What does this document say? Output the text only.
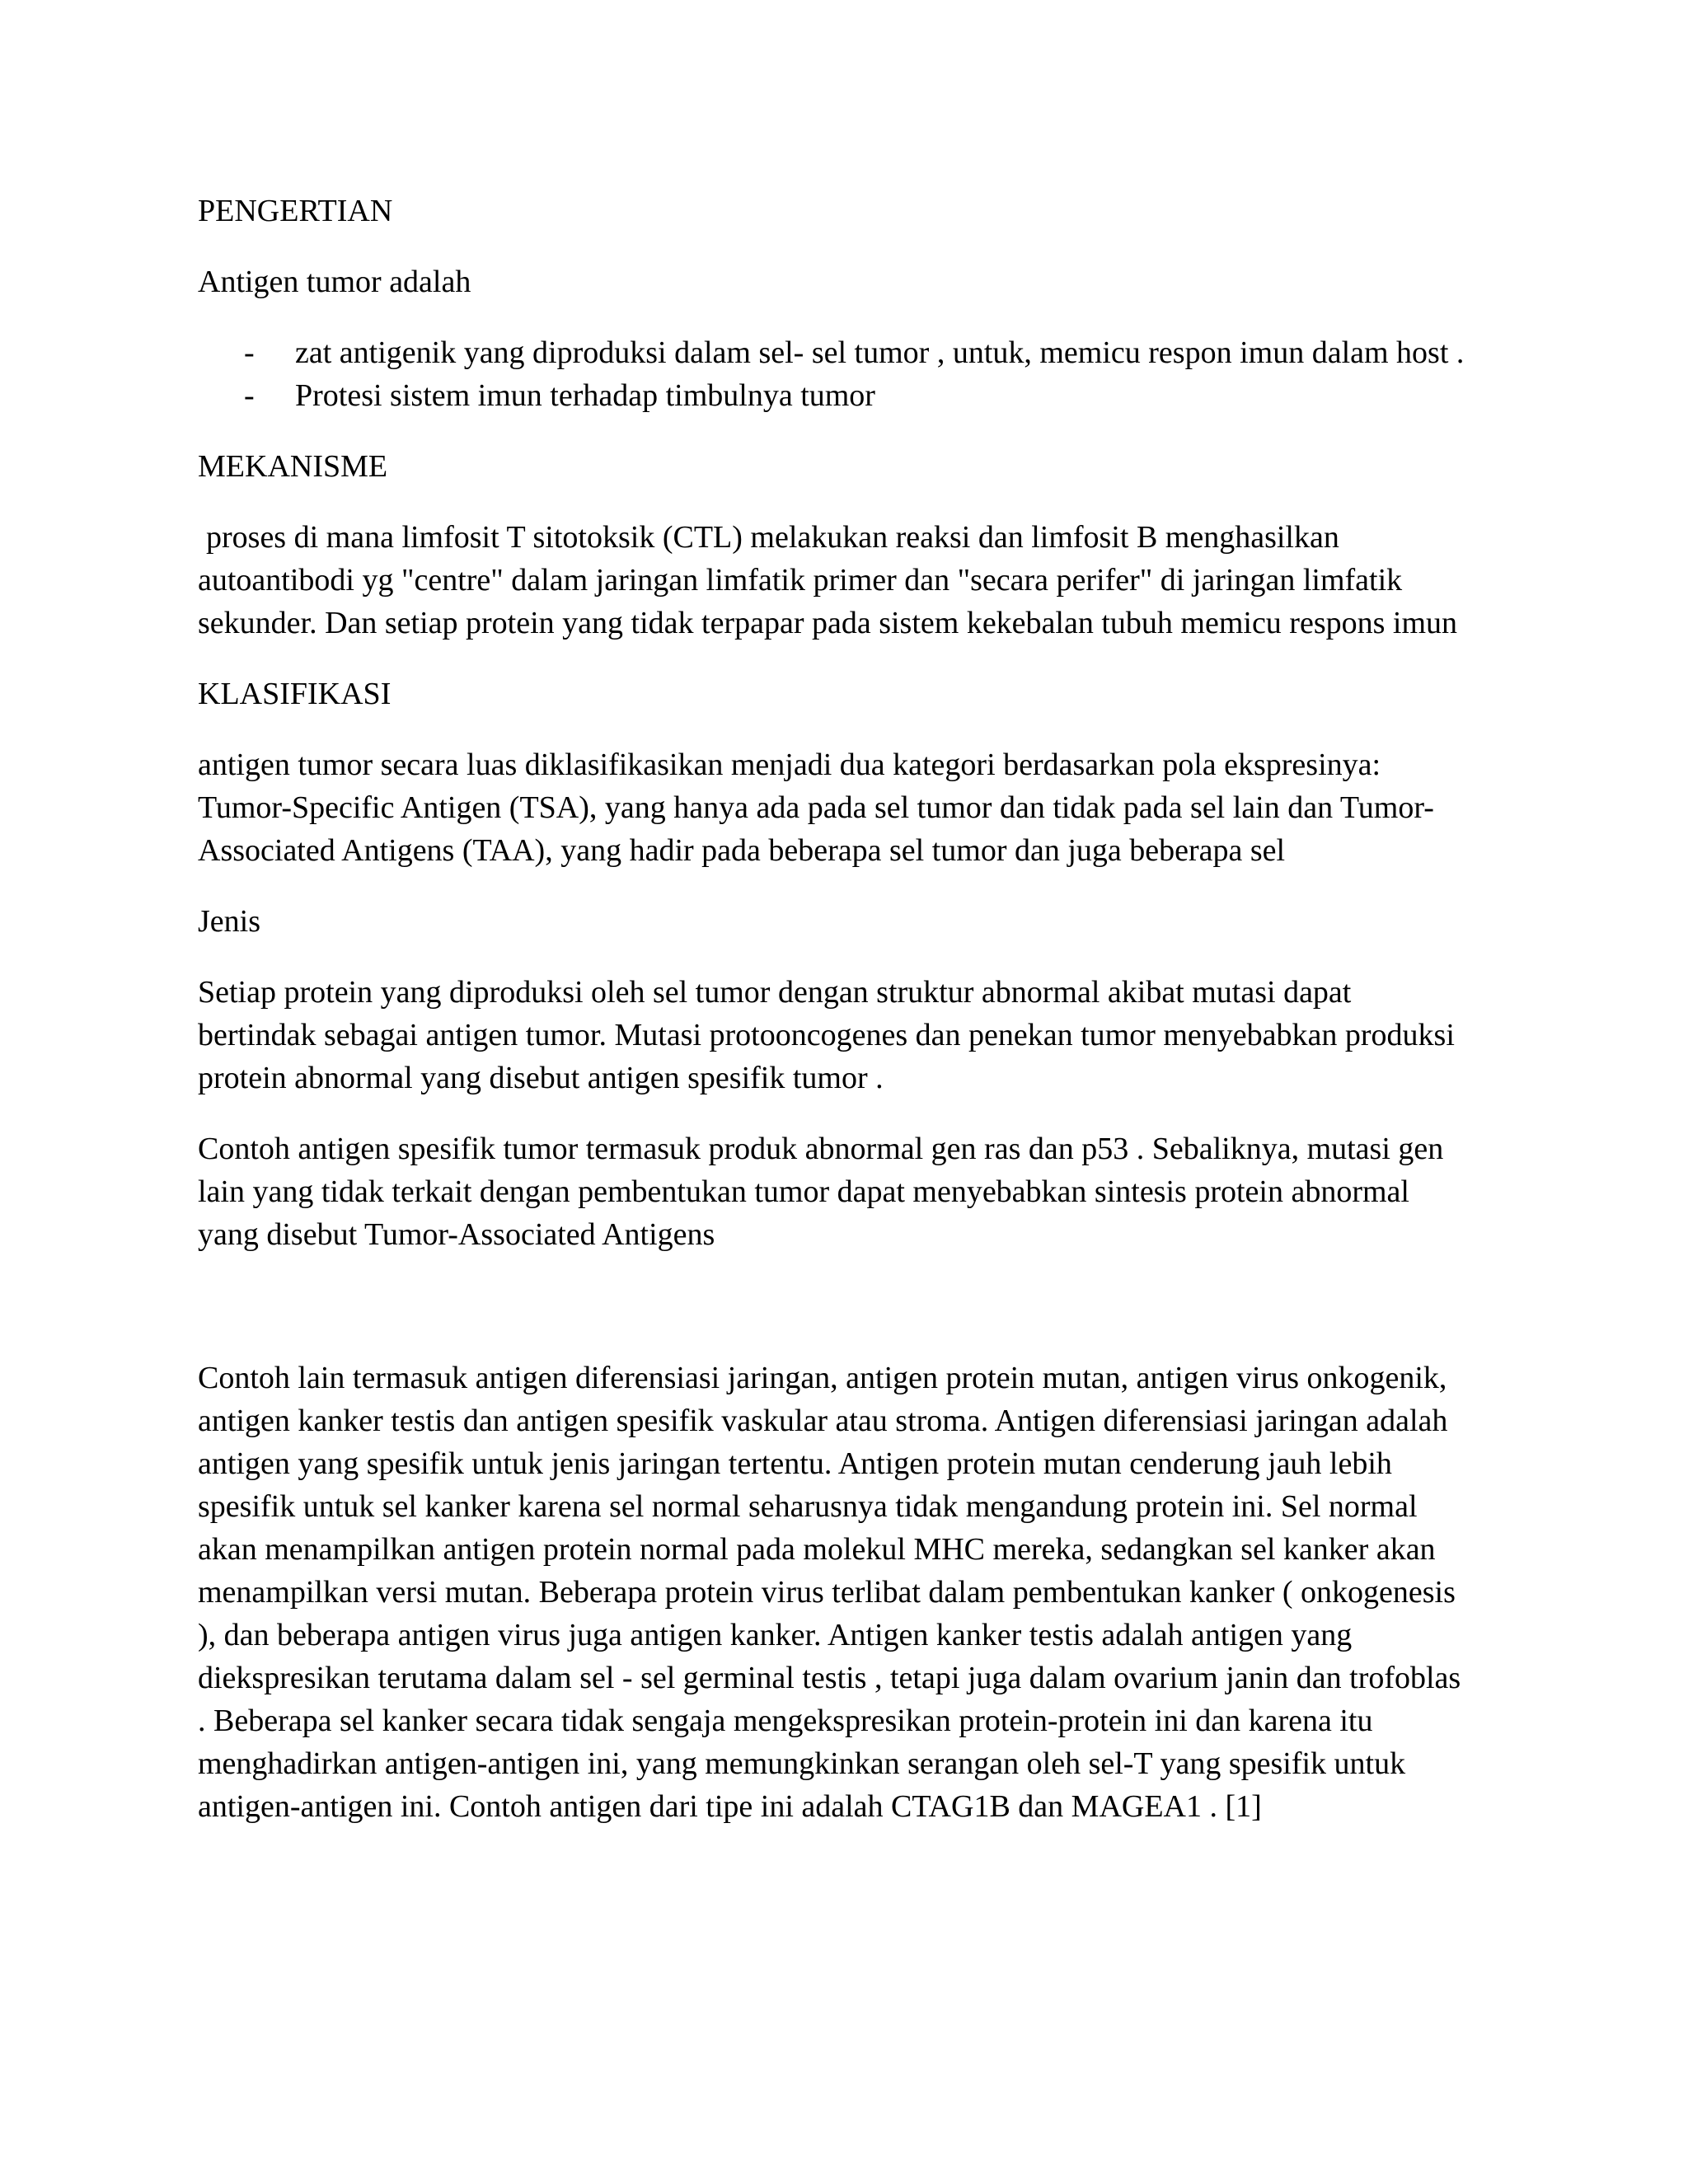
PENGERTIAN

Antigen tumor adalah

- zat antigenik yang diproduksi dalam sel- sel tumor , untuk, memicu respon imun dalam host .
- Protesi sistem imun terhadap timbulnya tumor
MEKANISME

proses di mana limfosit T sitotoksik (CTL) melakukan reaksi dan limfosit B menghasilkan autoantibodi yg "centre" dalam jaringan limfatik primer dan "secara perifer" di jaringan limfatik sekunder. Dan setiap protein yang tidak terpapar pada sistem kekebalan tubuh memicu respons imun

KLASIFIKASI

antigen tumor secara luas diklasifikasikan menjadi dua kategori berdasarkan pola ekspresinya: Tumor-Specific Antigen (TSA), yang hanya ada pada sel tumor dan tidak pada sel lain dan Tumor-Associated Antigens (TAA), yang hadir pada beberapa sel tumor dan juga beberapa sel

Jenis

Setiap protein yang diproduksi oleh sel tumor dengan struktur abnormal akibat mutasi dapat bertindak sebagai antigen tumor. Mutasi protooncogenes dan penekan tumor menyebabkan produksi protein abnormal yang disebut antigen spesifik tumor .

Contoh antigen spesifik tumor termasuk produk abnormal gen ras dan p53 . Sebaliknya, mutasi gen lain yang tidak terkait dengan pembentukan tumor dapat menyebabkan sintesis protein abnormal yang disebut Tumor-Associated Antigens

Contoh lain termasuk antigen diferensiasi jaringan, antigen protein mutan, antigen virus onkogenik, antigen kanker testis dan antigen spesifik vaskular atau stroma. Antigen diferensiasi jaringan adalah antigen yang spesifik untuk jenis jaringan tertentu. Antigen protein mutan cenderung jauh lebih spesifik untuk sel kanker karena sel normal seharusnya tidak mengandung protein ini. Sel normal akan menampilkan antigen protein normal pada molekul MHC mereka, sedangkan sel kanker akan menampilkan versi mutan. Beberapa protein virus terlibat dalam pembentukan kanker ( onkogenesis ), dan beberapa antigen virus juga antigen kanker. Antigen kanker testis adalah antigen yang diekspresikan terutama dalam sel - sel germinal testis , tetapi juga dalam ovarium janin dan trofoblas . Beberapa sel kanker secara tidak sengaja mengekspresikan protein-protein ini dan karena itu menghadirkan antigen-antigen ini, yang memungkinkan serangan oleh sel-T yang spesifik untuk antigen-antigen ini. Contoh antigen dari tipe ini adalah CTAG1B dan MAGEA1 . [1]
